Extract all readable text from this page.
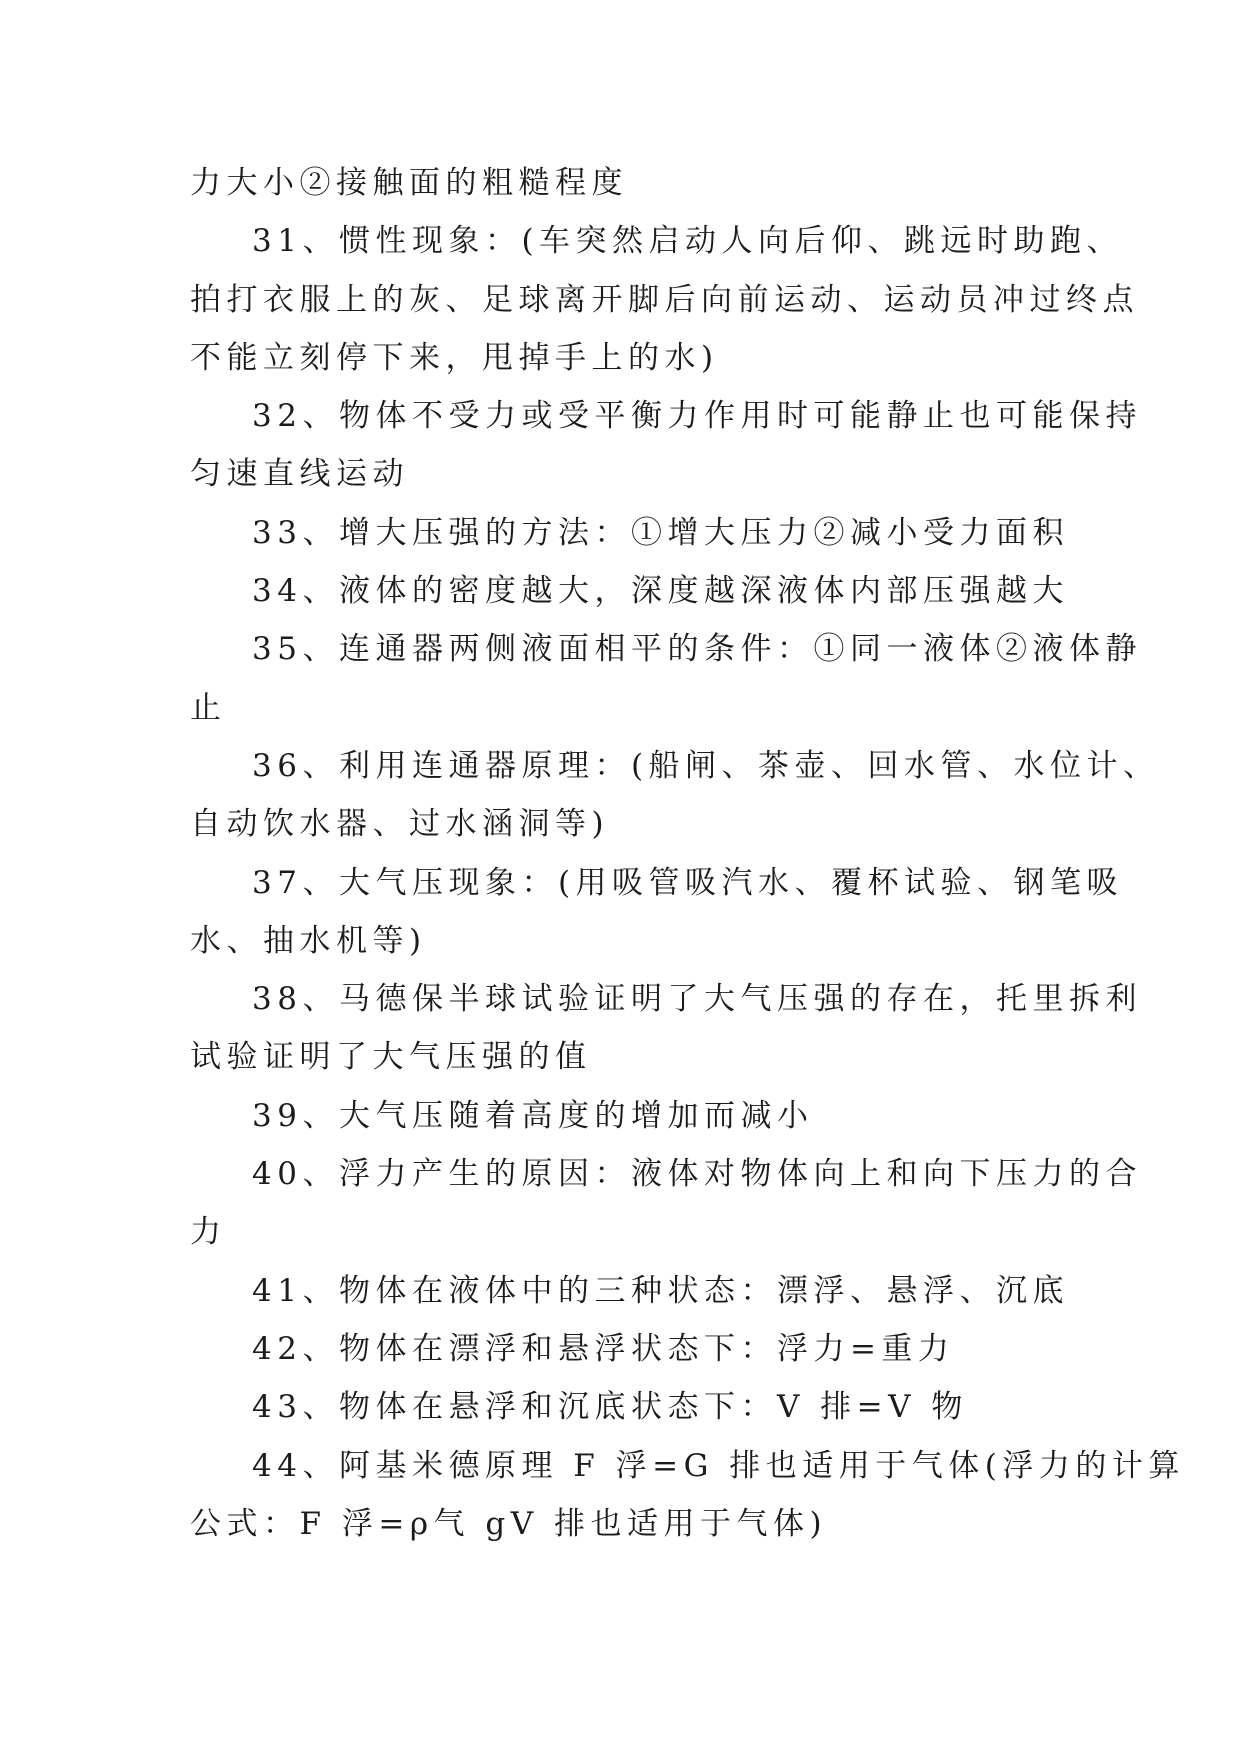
力大小②接触面的粗糙程度

31、惯性现象：(车突然启动人向后仰、跳远时助跑、
拍打衣服上的灰、足球离开脚后向前运动、运动员冲过终点
不能立刻停下来，甩掉手上的水)

32、物体不受力或受平衡力作用时可能静止也可能保持
匀速直线运动

33、增大压强的方法：①增大压力②减小受力面积

34、液体的密度越大，深度越深液体内部压强越大

35、连通器两侧液面相平的条件：①同一液体②液体静
止

36、利用连通器原理：(船闸、茶壶、回水管、水位计、
自动饮水器、过水涵洞等)

37、大气压现象：(用吸管吸汽水、覆杯试验、钢笔吸
水、抽水机等)

38、马德保半球试验证明了大气压强的存在，托里拆利
试验证明了大气压强的值

39、大气压随着高度的增加而减小

40、浮力产生的原因：液体对物体向上和向下压力的合
力

41、物体在液体中的三种状态：漂浮、悬浮、沉底

42、物体在漂浮和悬浮状态下：浮力=重力

43、物体在悬浮和沉底状态下：V 排=V 物

44、阿基米德原理 F 浮=G 排也适用于气体(浮力的计算
公式：F 浮=ρ气 gV 排也适用于气体)
